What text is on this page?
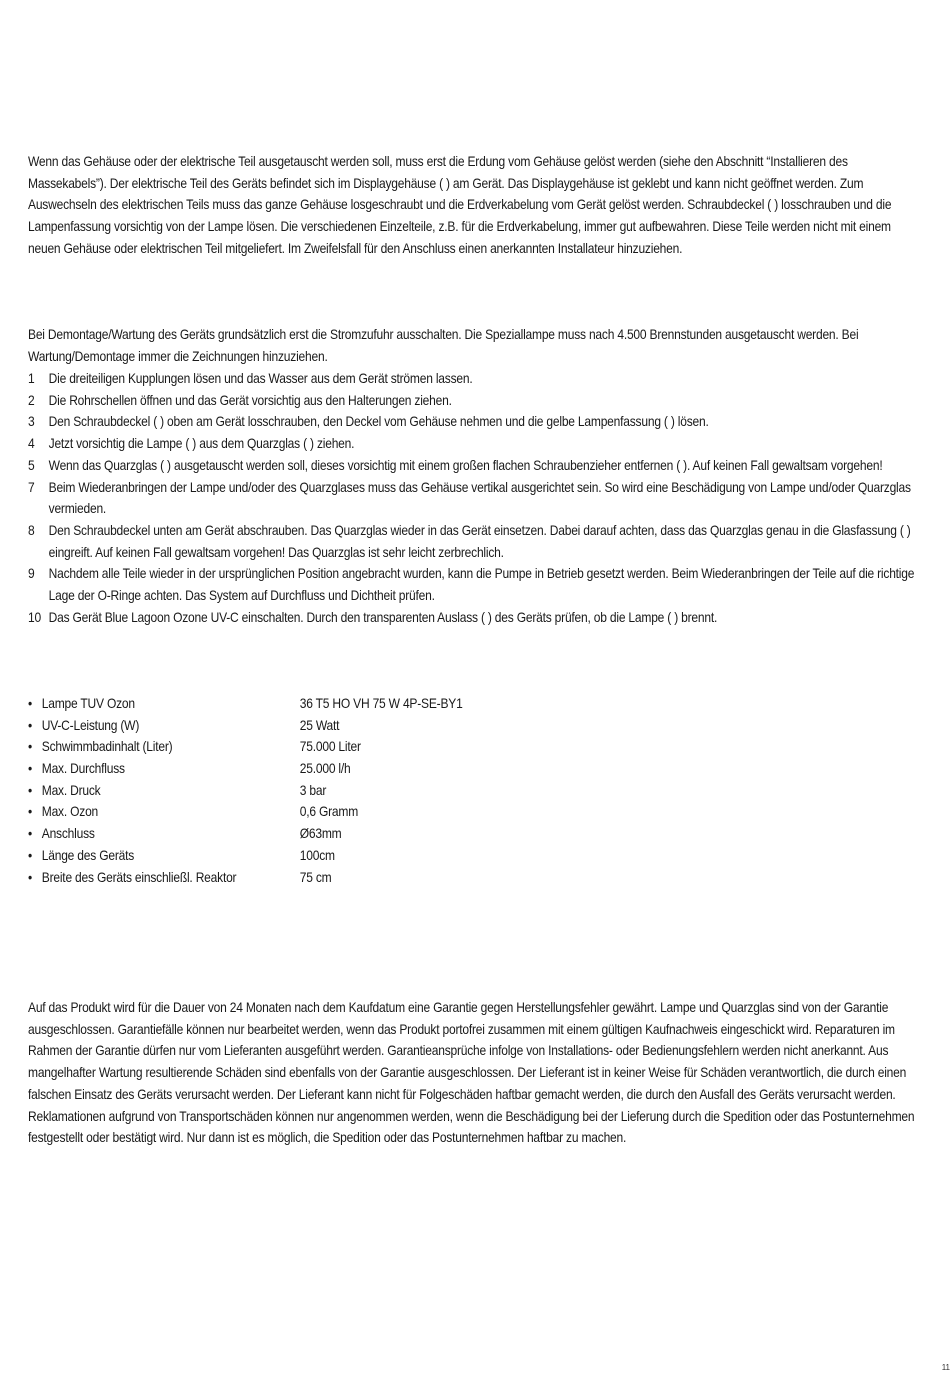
Wenn das Gehäuse oder der elektrische Teil ausgetauscht werden soll, muss erst die Erdung vom Gehäuse gelöst werden (siehe den Abschnitt “Installieren des Massekabels”). Der elektrische Teil des Geräts befindet sich im Displaygehäuse ( ) am Gerät. Das Displaygehäuse ist geklebt und kann nicht geöffnet werden. Zum Auswechseln des elektrischen Teils muss das ganze Gehäuse losgeschraubt und die Erdverkabelung vom Gerät gelöst werden. Schraubdeckel ( ) losschrauben und die Lampenfassung vorsichtig von der Lampe lösen. Die verschiedenen Einzelteile, z.B. für die Erdverkabelung, immer gut aufbewahren. Diese Teile werden nicht mit einem neuen Gehäuse oder elektrischen Teil mitgeliefert. Im Zweifelsfall für den Anschluss einen anerkannten Installateur hinzuziehen.

Bei Demontage/Wartung des Geräts grundsätzlich erst die Stromzufuhr ausschalten. Die Speziallampe muss nach 4.500 Brennstunden ausgetauscht werden. Bei Wartung/Demontage immer die Zeichnungen hinzuziehen.

1 Die dreiteiligen Kupplungen lösen und das Wasser aus dem Gerät strömen lassen.
2 Die Rohrschellen öffnen und das Gerät vorsichtig aus den Halterungen ziehen.
3 Den Schraubdeckel ( ) oben am Gerät losschrauben, den Deckel vom Gehäuse nehmen und die gelbe Lampenfassung ( ) lösen.
4 Jetzt vorsichtig die Lampe ( ) aus dem Quarzglas ( ) ziehen.
5 Wenn das Quarzglas ( ) ausgetauscht werden soll, dieses vorsichtig mit einem großen flachen Schraubenzieher entfernen ( ). Auf keinen Fall gewaltsam vorgehen!
7 Beim Wiederanbringen der Lampe und/oder des Quarzglases muss das Gehäuse vertikal ausgerichtet sein. So wird eine Beschädigung von Lampe und/oder Quarzglas vermieden.
8 Den Schraubdeckel unten am Gerät abschrauben. Das Quarzglas wieder in das Gerät einsetzen. Dabei darauf achten, dass das Quarzglas genau in die Glasfassung ( ) eingreift. Auf keinen Fall gewaltsam vorgehen! Das Quarzglas ist sehr leicht zerbrechlich.
9 Nachdem alle Teile wieder in der ursprünglichen Position angebracht wurden, kann die Pumpe in Betrieb gesetzt werden. Beim Wiederanbringen der Teile auf die richtige Lage der O-Ringe achten. Das System auf Durchfluss und Dichtheit prüfen.
10 Das Gerät Blue Lagoon Ozone UV-C einschalten. Durch den transparenten Auslass ( ) des Geräts prüfen, ob die Lampe ( ) brennt.
• Lampe TUV Ozon	36 T5 HO VH 75 W 4P-SE-BY1
• UV-C-Leistung (W)	25 Watt
• Schwimmbadinhalt (Liter)	75.000 Liter
• Max. Durchfluss	25.000 l/h
• Max. Druck	3 bar
• Max. Ozon	0,6 Gramm
• Anschluss	Ø63mm
• Länge des Geräts	100cm
• Breite des Geräts einschließl. Reaktor	75 cm

Auf das Produkt wird für die Dauer von 24 Monaten nach dem Kaufdatum eine Garantie gegen Herstellungsfehler gewährt. Lampe und Quarzglas sind von der Garantie ausgeschlossen. Garantiefälle können nur bearbeitet werden, wenn das Produkt portofrei zusammen mit einem gültigen Kaufnachweis eingeschickt wird. Reparaturen im Rahmen der Garantie dürfen nur vom Lieferanten ausgeführt werden. Garantieansprüche infolge von Installations- oder Bedienungsfehlern werden nicht anerkannt. Aus mangelhafter Wartung resultierende Schäden sind ebenfalls von der Garantie ausgeschlossen. Der Lieferant ist in keiner Weise für Schäden verantwortlich, die durch einen falschen Einsatz des Geräts verursacht werden. Der Lieferant kann nicht für Folgeschäden haftbar gemacht werden, die durch den Ausfall des Geräts verursacht werden. Reklamationen aufgrund von Transportschäden können nur angenommen werden, wenn die Beschädigung bei der Lieferung durch die Spedition oder das Postunternehmen festgestellt oder bestätigt wird. Nur dann ist es möglich, die Spedition oder das Postunternehmen haftbar zu machen.

11
